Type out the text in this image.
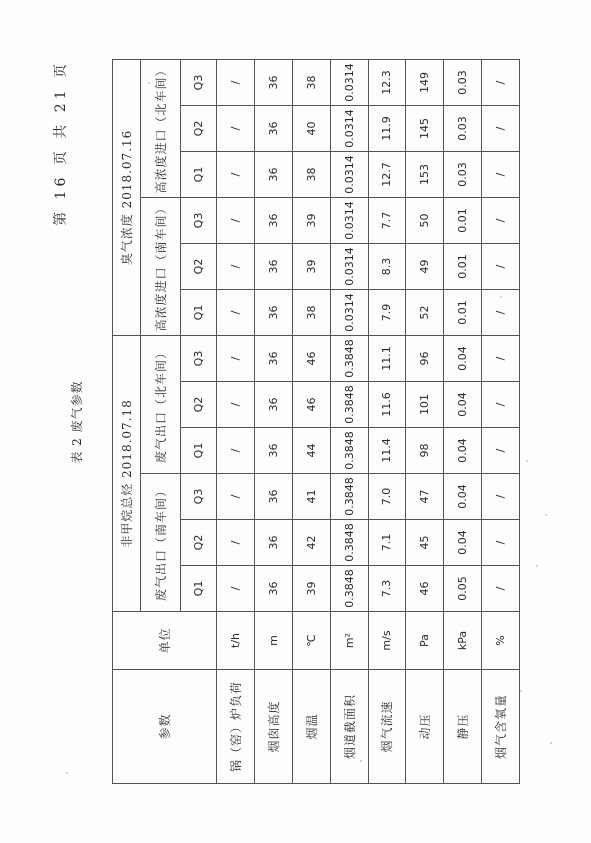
第 16 页 共 21 页
表 2 废气参数
参数	单位	非甲烷总烃 2018.07.18						臭气浓度 2018.07.16					
		废气出口（南车间）			废气出口（北车间）			高浓度进口（南车间）			高浓度进口（北车间）		
		Q1	Q2	Q3	Q1	Q2	Q3	Q1	Q2	Q3	Q1	Q2	Q3
锅（窑）炉负荷	t/h	/	/	/	/	/	/	/	/	/	/	/	/
烟囱高度	m	36	36	36	36	36	36	36	36	36	36	36	36
烟温	℃	39	42	41	44	46	46	38	39	39	38	40	38
烟道截面积	m²	0.3848	0.3848	0.3848	0.3848	0.3848	0.3848	0.0314	0.0314	0.0314	0.0314	0.0314	0.0314
烟气流速	m/s	7.3	7.1	7.0	11.4	11.6	11.1	7.9	8.3	7.7	12.7	11.9	12.3
动压	Pa	46	45	47	98	101	96	52	49	50	153	145	149
静压	kPa	0.05	0.04	0.04	0.04	0.04	0.04	0.01	0.01	0.01	0.03	0.03	0.03
烟气含氧量	%	/	/	/	/	/	/	/	/	/	/	/	/
